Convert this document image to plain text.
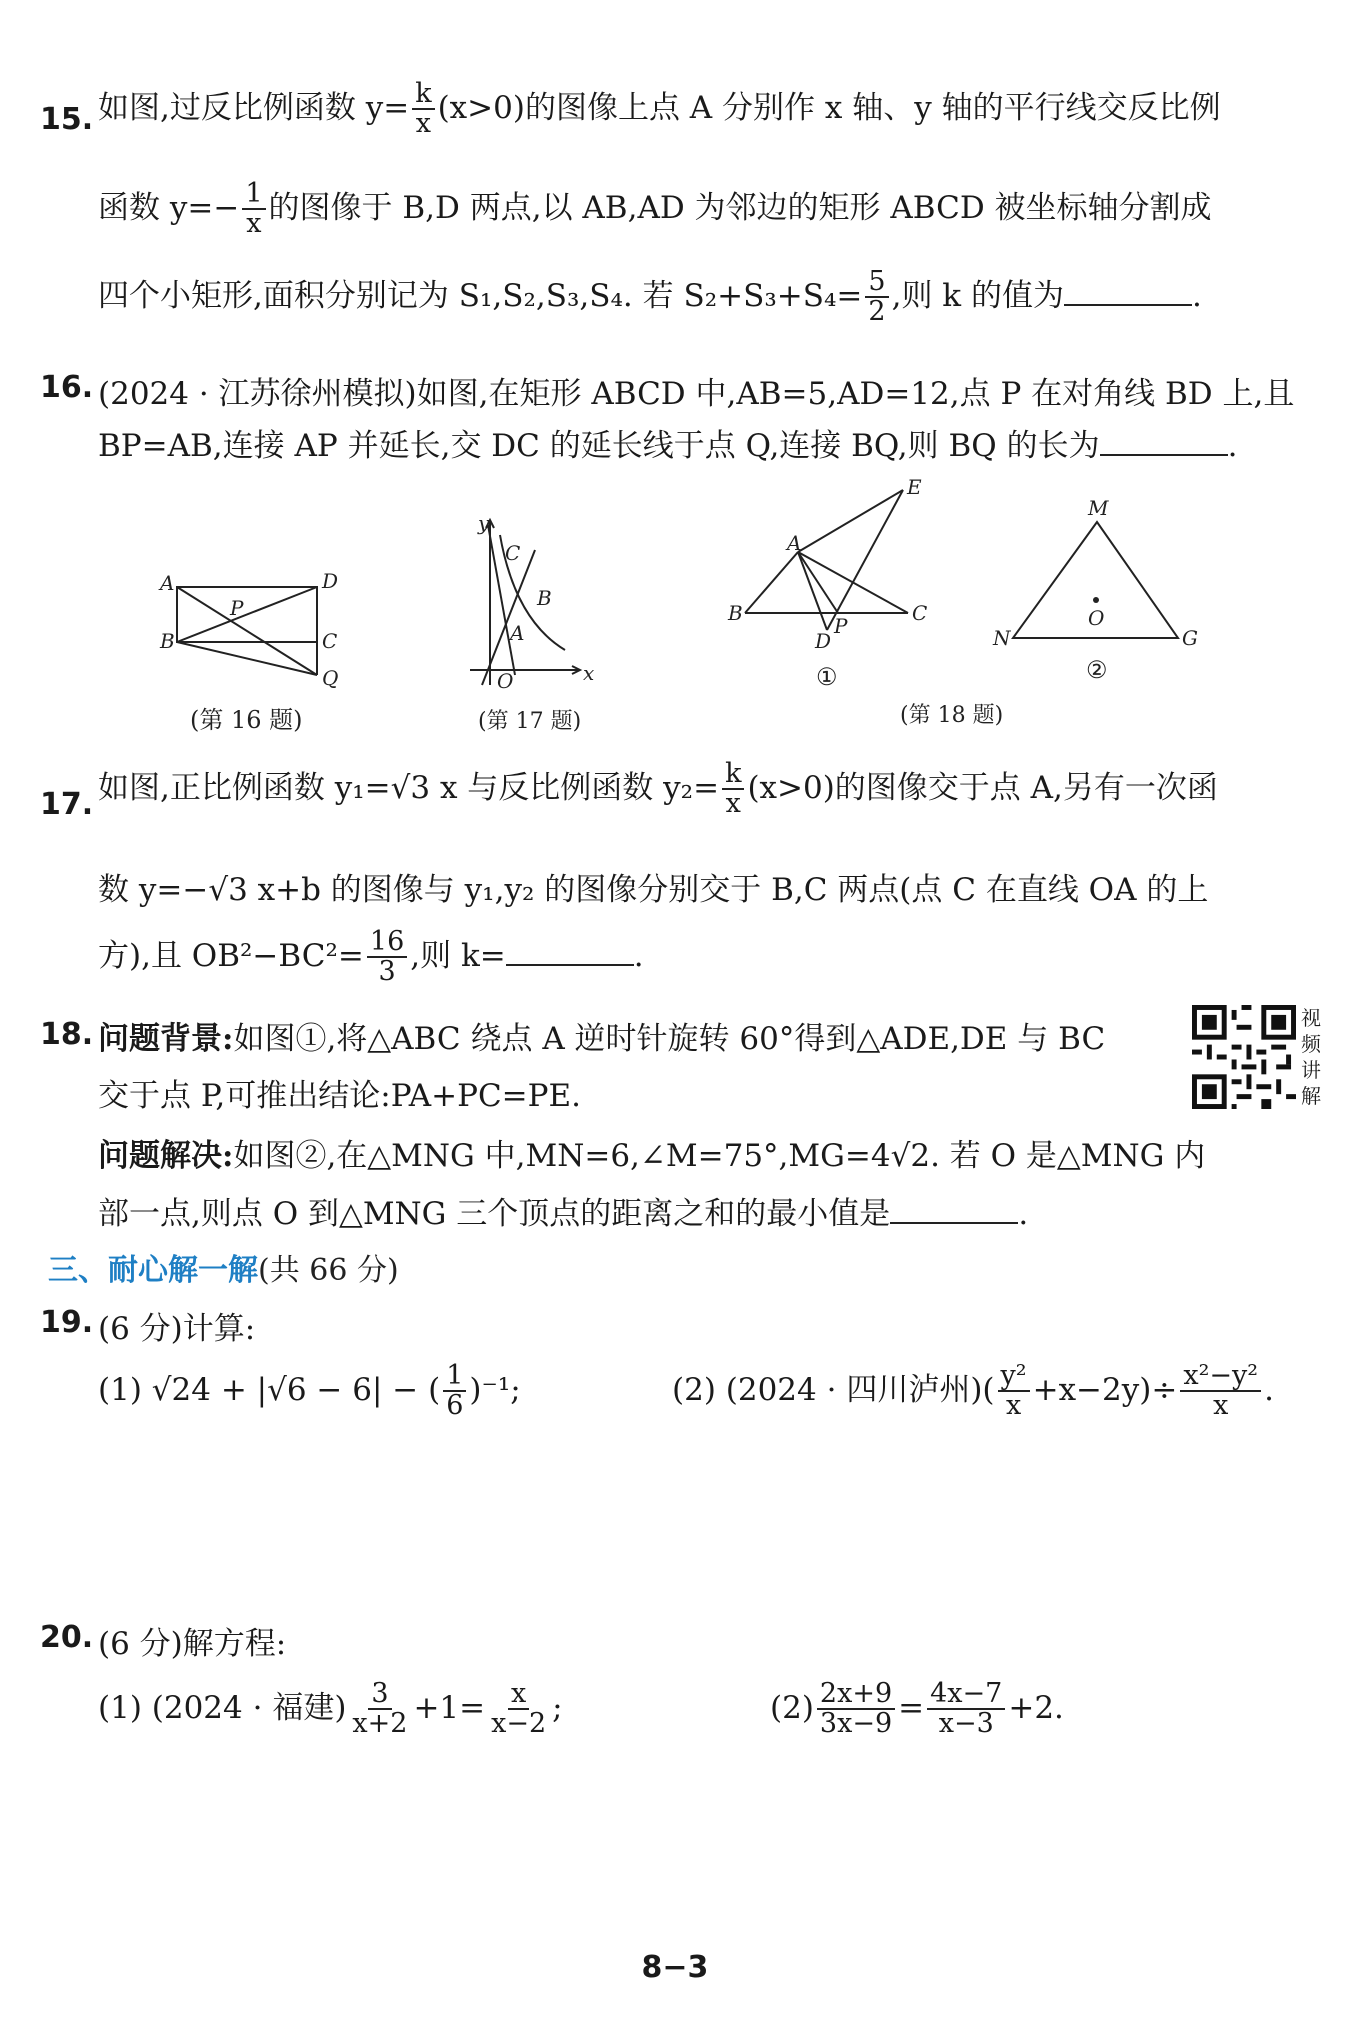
15. 如图,过反比例函数 $y= \frac{k}{x} (x>0)$的图像上点 A 分别作 x 轴、y 轴的平行线交反比例
函数 $y=- \frac{1}{x}$ 的图像于 B,D 两点,以 AB,AD 为邻边的矩形 ABCD 被坐标轴分割成
四个小矩形,面积分别记为 S₁,S₂,S₃,S₄. 若 $S_2+S_3+S_4= \frac{5}{2}$ ,则 k 的值为	.
16. (2024 · 江苏徐州模拟)如图,在矩形 ABCD 中,AB=5,AD=12,点 P 在对角线 BD 上,且
BP=AB,连接 AP 并延长,交 DC 的延长线于点 Q,连接 BQ,则 BQ 的长为	.
A	D
P
B	C
Q
(第 16 题)
y
C
B
A
O	x
(第 17 题)
E
A
B	C
D
P
①
M
O
N	G
②
(第 18 题)
17. 如图,正比例函数 y₁=√3 x 与反比例函数 $y_2= \frac{k}{x} (x>0)$的图像交于点 A,另有一次函
数 y=−√3 x+b 的图像与 y₁,y₂ 的图像分别交于 B,C 两点(点 C 在直线 OA 的上
方),且 $OB^2-BC^2= \frac{16}{3}$ ,则 k=	.
18. 问题背景:如图①,将△ABC 绕点 A 逆时针旋转 60°得到△ADE,DE 与 BC
交于点 P,可推出结论:PA+PC=PE.
问题解决:如图②,在△MNG 中,MN=6,∠M=75°,MG=4√2. 若 O 是△MNG 内
部一点,则点 O 到△MNG 三个顶点的距离之和的最小值是	.
视频讲解
三、耐心解一解(共 66 分)
19. (6 分)计算:
(1) √24 + |√6 − 6| − ( $\frac{1}{6} )^{-1}$;	(2) (2024 · 四川泸州)( $\frac{\text{y²}}{x} +x-2y)\div \frac{\text{x²−y²}}{x}$ .
20. (6 分)解方程:
(1) (2024 · 福建) $\frac{3}{x+2} +1= \frac{x}{x-2}$ ;	$(2) \frac{2x+9}{3x-9} = \frac{4x-7}{x-3} +2$.
8−3
